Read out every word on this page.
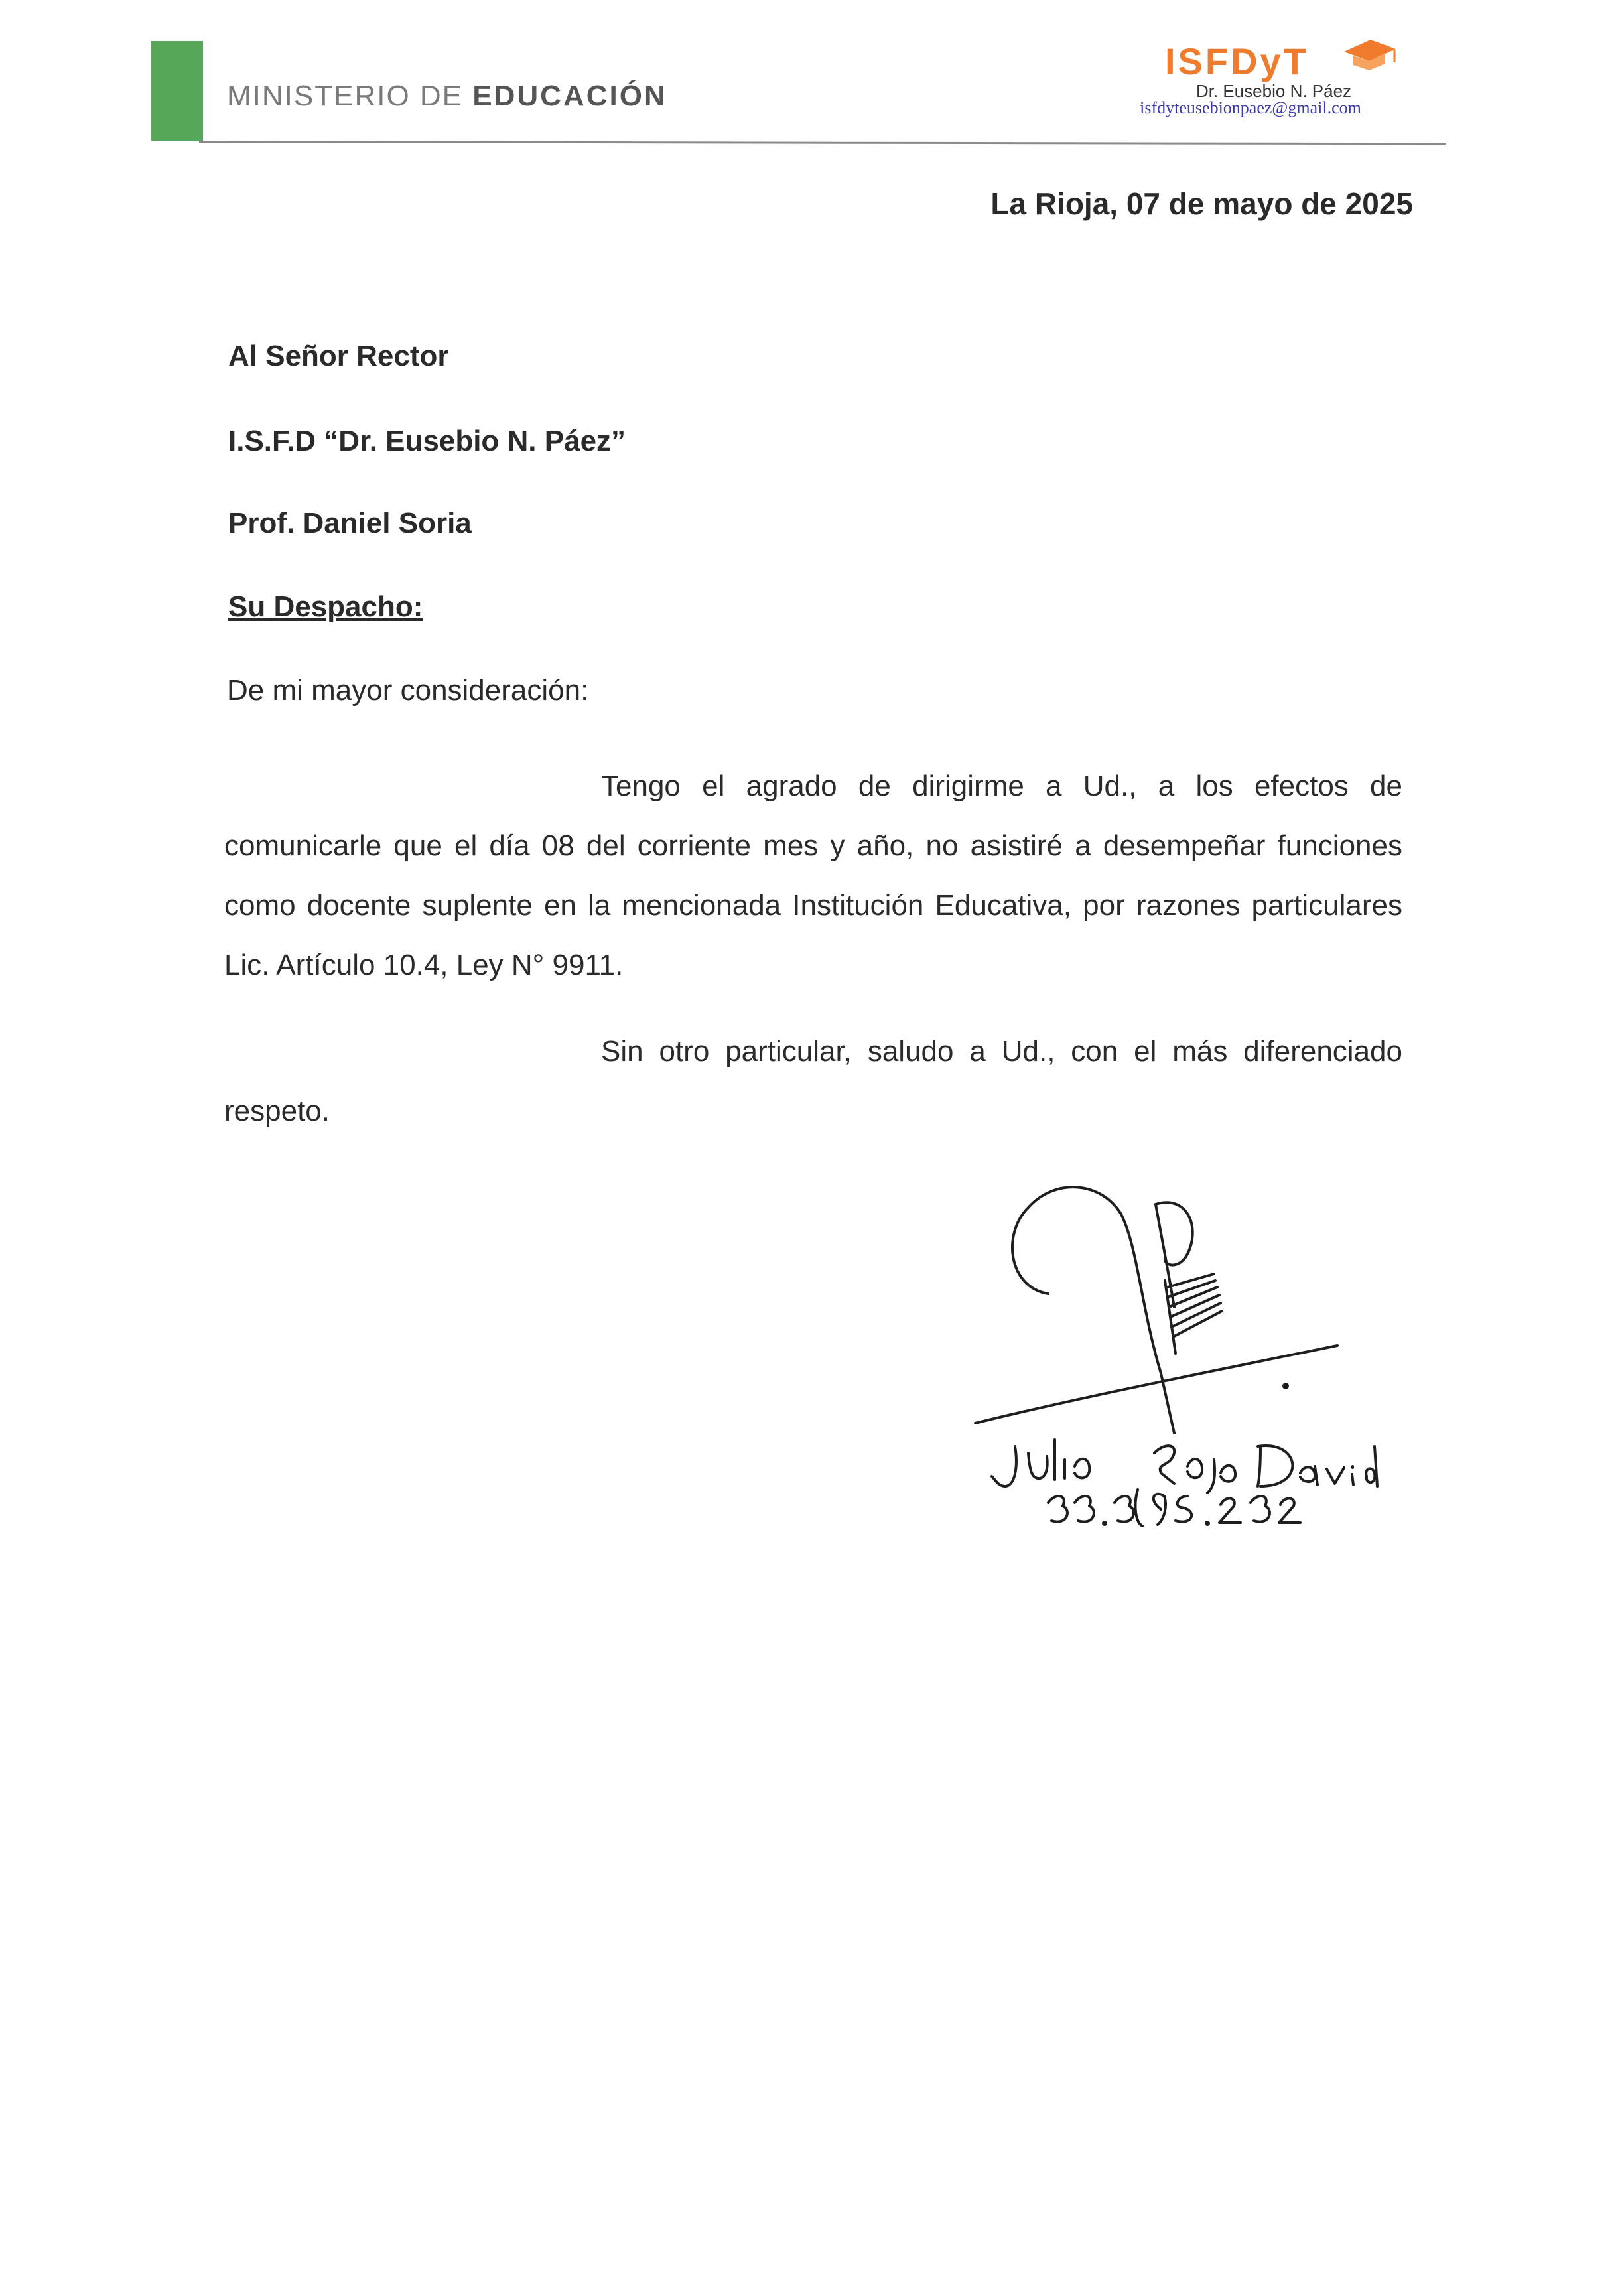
MINISTERIO DE EDUCACIÓN
ISFDyT
Dr. Eusebio N. Páez
isfdyteusebionpaez@gmail.com
La Rioja, 07 de mayo de 2025
Al Señor Rector
I.S.F.D “Dr. Eusebio N. Páez”
Prof. Daniel Soria
Su Despacho:
De mi mayor consideración:
Tengo el agrado de dirigirme a Ud., a los efectos de comunicarle que el día 08 del corriente mes y año, no asistiré a desempeñar funciones como docente suplente en la mencionada Institución Educativa, por razones particulares Lic. Artículo 10.4, Ley N° 9911.
Sin otro particular, saludo a Ud., con el más diferenciado respeto.
